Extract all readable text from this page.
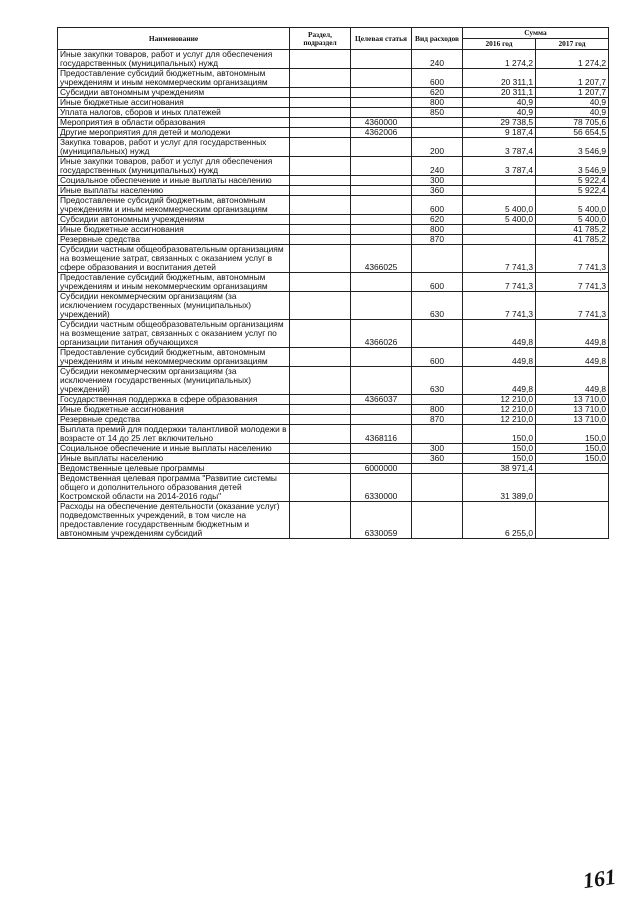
Наименование	Раздел, подраздел	Целевая статья	Вид расходов	Сумма	
				2016 год	2017 год
Иные закупки товаров, работ и услуг для обеспечения государственных (муниципальных) нужд			240	1 274,2	1 274,2
Предоставление субсидий бюджетным, автономным учреждениям и иным некоммерческим организациям			600	20 311,1	1 207,7
Субсидии автономным учреждениям			620	20 311,1	1 207,7
Иные бюджетные ассигнования			800	40,9	40,9
Уплата налогов, сборов и иных платежей			850	40,9	40,9
Мероприятия в области образования		4360000		29 738,5	78 705,6
Другие мероприятия для детей и молодежи		4362006		9 187,4	56 654,5
Закупка товаров, работ и услуг для государственных (муниципальных) нужд			200	3 787,4	3 546,9
Иные закупки товаров, работ и услуг для обеспечения государственных (муниципальных) нужд			240	3 787,4	3 546,9
Социальное обеспечение и иные выплаты населению			300		5 922,4
Иные выплаты населению			360		5 922,4
Предоставление субсидий бюджетным, автономным учреждениям и иным некоммерческим организациям			600	5 400,0	5 400,0
Субсидии автономным учреждениям			620	5 400,0	5 400,0
Иные бюджетные ассигнования			800		41 785,2
Резервные средства			870		41 785,2
Субсидии частным общеобразовательным организациям на возмещение затрат, связанных с оказанием услуг в сфере образования и воспитания детей		4366025		7 741,3	7 741,3
Предоставление субсидий бюджетным, автономным учреждениям и иным некоммерческим организациям			600	7 741,3	7 741,3
Субсидии некоммерческим организациям (за исключением государственных (муниципальных) учреждений)			630	7 741,3	7 741,3
Субсидии частным общеобразовательным организациям на возмещение затрат, связанных с оказанием услуг по организации питания обучающихся		4366026		449,8	449,8
Предоставление субсидий бюджетным, автономным учреждениям и иным некоммерческим организациям			600	449,8	449,8
Субсидии некоммерческим организациям (за исключением государственных (муниципальных) учреждений)			630	449,8	449,8
Государственная поддержка в сфере образования		4366037		12 210,0	13 710,0
Иные бюджетные ассигнования			800	12 210,0	13 710,0
Резервные средства			870	12 210,0	13 710,0
Выплата премий для поддержки талантливой молодежи в возрасте от 14 до 25 лет включительно		4368116		150,0	150,0
Социальное обеспечение и иные выплаты населению			300	150,0	150,0
Иные выплаты населению			360	150,0	150,0
Ведомственные целевые программы		6000000		38 971,4	
Ведомственная целевая программа "Развитие системы общего и дополнительного образования детей Костромской области на 2014-2016 годы"		6330000		31 389,0	
Расходы на обеспечение деятельности (оказание услуг) подведомственных учреждений, в том числе на предоставление государственным бюджетным и автономным учреждениям субсидий		6330059		6 255,0	
161
